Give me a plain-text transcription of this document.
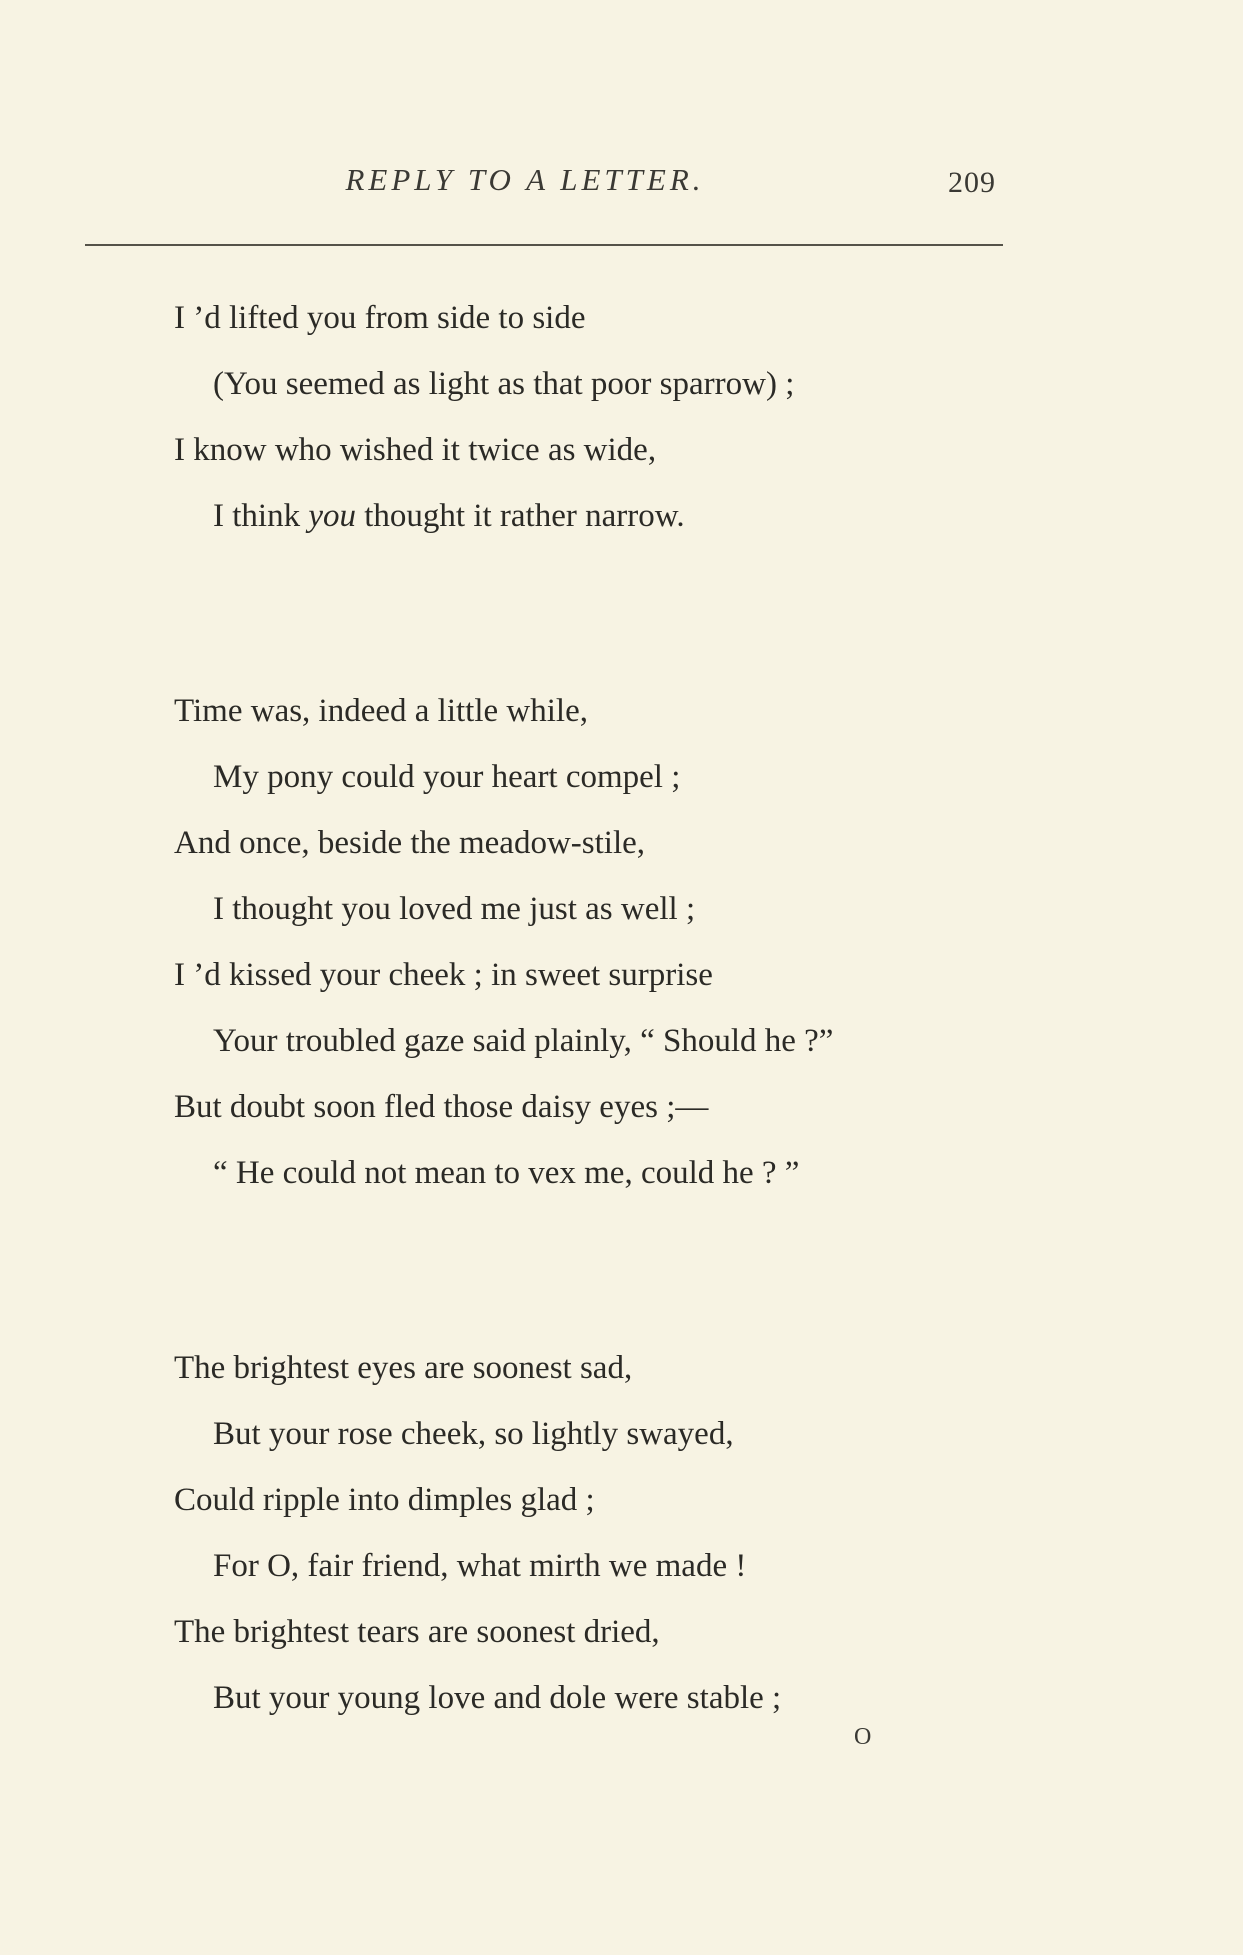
REPLY TO A LETTER.	209
I ’d lifted you from side to side
(You seemed as light as that poor sparrow) ;
I know who wished it twice as wide,
I think you thought it rather narrow.
Time was, indeed a little while,
My pony could your heart compel ;
And once, beside the meadow-stile,
I thought you loved me just as well ;
I ’d kissed your cheek ; in sweet surprise
Your troubled gaze said plainly, “ Should he ?”
But doubt soon fled those daisy eyes ;—
“ He could not mean to vex me, could he ? ”
The brightest eyes are soonest sad,
But your rose cheek, so lightly swayed,
Could ripple into dimples glad ;
For O, fair friend, what mirth we made !
The brightest tears are soonest dried,
But your young love and dole were stable ;
O
